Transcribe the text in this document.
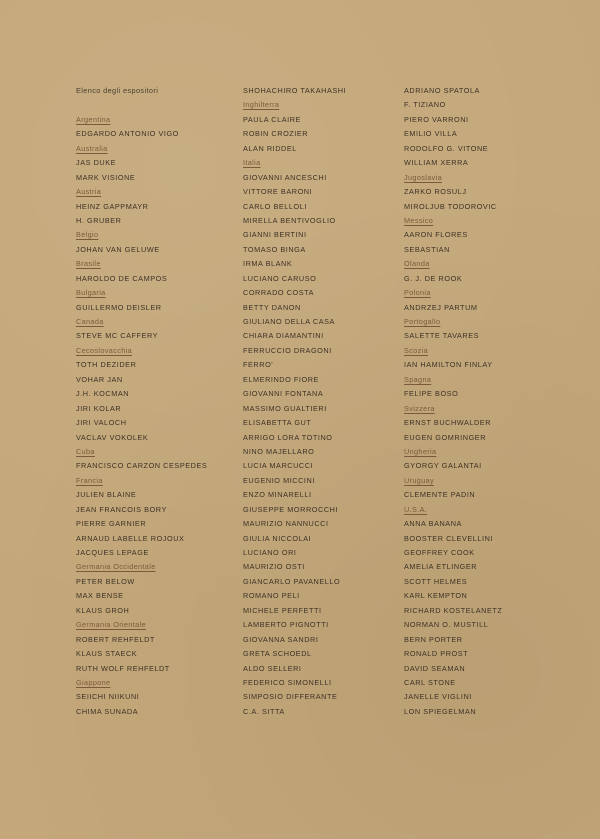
Elenco degli espositori
Argentina
EDGARDO ANTONIO VIGO
Australia
JAS DUKE
MARK VISIONE
Austria
HEINZ GAPPMAYR
H. GRUBER
Belgio
JOHAN VAN GELUWE
Brasile
HAROLDO DE CAMPOS
Bulgaria
GUILLERMO DEISLER
Canada
STEVE MC CAFFERY
Cecoslovacchia
TOTH DEZIDER
VOHAR JAN
J.H. KOCMAN
JIRI KOLAR
JIRI VALOCH
VACLAV VOKOLEK
Cuba
FRANCISCO CARZON CESPEDES
Francia
JULIEN BLAINE
JEAN FRANCOIS BORY
PIERRE GARNIER
ARNAUD LABELLE ROJOUX
JACQUES LEPAGE
Germania Occidentale
PETER BELOW
MAX BENSE
KLAUS GROH
Germania Orientale
ROBERT REHFELDT
KLAUS STAECK
RUTH WOLF REHFELDT
Giappone
SEIICHI NIIKUNI
CHIMA SUNADA
SHOHACHIRO TAKAHASHI
Inghilterra
PAULA CLAIRE
ROBIN CROZIER
ALAN RIDDEL
Italia
GIOVANNI ANCESCHI
VITTORE BARONI
CARLO BELLOLI
MIRELLA BENTIVOGLIO
GIANNI BERTINI
TOMASO BINGA
IRMA BLANK
LUCIANO CARUSO
CORRADO COSTA
BETTY DANON
GIULIANO DELLA CASA
CHIARA DIAMANTINI
FERRUCCIO DRAGONI
FERRO'
ELMERINDO FIORE
GIOVANNI FONTANA
MASSIMO GUALTIERI
ELISABETTA GUT
ARRIGO LORA TOTINO
NINO MAJELLARO
LUCIA MARCUCCI
EUGENIO MICCINI
ENZO MINARELLI
GIUSEPPE MORROCCHI
MAURIZIO NANNUCCI
GIULIA NICCOLAI
LUCIANO ORI
MAURIZIO OSTI
GIANCARLO PAVANELLO
ROMANO PELI
MICHELE PERFETTI
LAMBERTO PIGNOTTI
GIOVANNA SANDRI
GRETA SCHOEDL
ALDO SELLERI
FEDERICO SIMONELLI
SIMPOSIO DIFFERANTE
C.A. SITTA
ADRIANO SPATOLA
F. TIZIANO
PIERO VARRONI
EMILIO VILLA
RODOLFO G. VITONE
WILLIAM XERRA
Jugoslavia
ZARKO ROSULJ
MIROLJUB TODOROVIC
Messico
AARON FLORES
SEBASTIAN
Olanda
G. J. DE ROOK
Polonia
ANDRZEJ PARTUM
Portogallo
SALETTE TAVARES
Scozia
IAN HAMILTON FINLAY
Spagna
FELIPE BOSO
Svizzera
ERNST BUCHWALDER
EUGEN GOMRINGER
Ungheria
GYORGY GALANTAI
Uruguay
CLEMENTE PADIN
U.S.A.
ANNA BANANA
BOOSTER CLEVELLINI
GEOFFREY COOK
AMELIA ETLINGER
SCOTT HELMES
KARL KEMPTON
RICHARD KOSTELANETZ
NORMAN O. MUSTILL
BERN PORTER
RONALD PROST
DAVID SEAMAN
CARL STONE
JANELLE VIGLINI
LON SPIEGELMAN
